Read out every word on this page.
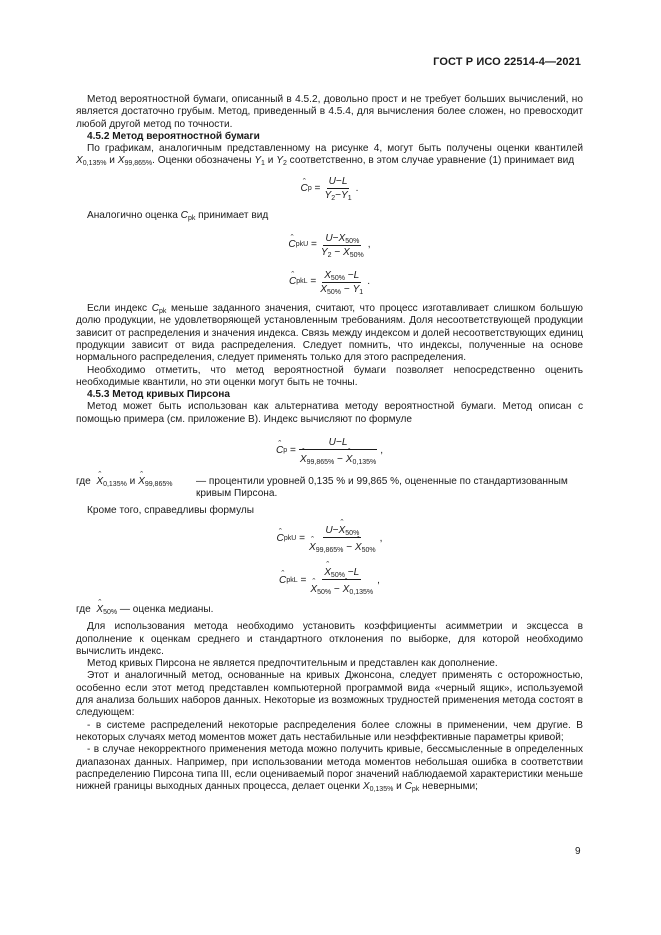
ГОСТ Р ИСО 22514-4—2021

Метод вероятностной бумаги, описанный в 4.5.2, довольно прост и не требует больших вычислений, но является достаточно грубым. Метод, приведенный в 4.5.4, для вычисления более сложен, но превосходит любой другой метод по точности.

4.5.2 Метод вероятностной бумаги

По графикам, аналогичным представленному на рисунке 4, могут быть получены оценки квантилей $X_{0,135\%}$ и $X_{99,865\%}$. Оценки обозначены $Y_1$ и $Y_2$ соответственно, в этом случае уравнение (1) принимает вид

ˆ C p
= $\frac{U-L}{Y_2-Y_1}$ .

Аналогично оценка $C_{pk}$ принимает вид

ˆ C pkU
= $\frac{U-X_{50\%}}{Y_2 - X_{50\%}}$ ,
ˆ C pkL
= $\frac{X_{50\%} -L}{X_{50\%} - Y_1}$ .

Если индекс $C_{pk}$ меньше заданного значения, считают, что процесс изготавливает слишком большую долю продукции, не удовлетворяющей установленным требованиям. Доля несоответствующей продукции зависит от распределения и значения индекса. Связь между индексом и долей несоответствующих единиц продукции зависит от вида распределения. Следует помнить, что индексы, полученные на основе нормального распределения, следует применять только для этого распределения.

Необходимо отметить, что метод вероятностной бумаги позволяет непосредственно оценить необходимые квантили, но эти оценки могут быть не точны.

4.5.3 Метод кривых Пирсона

Метод может быть использован как альтернатива методу вероятностной бумаги. Метод описан с помощью примера (см. приложение В). Индекс вычисляют по формуле

ˆ C p
= U−L
ˆ $X_{99,865\%}$ − ˆ $X_{0,135\%}$ ,
где ˆ $X_{0,135\%}$ и ˆ $X_{99,865\%}$	— процентили уровней 0,135 % и 99,865 %, оцененные по стандартизованным кривым Пирсона.

Кроме того, справедливы формулы

ˆ C pkU
= U−ˆ $X_{50\%}$
ˆ $X_{99,865\%}$ − ˆ $X_{50\%}$ ,
ˆ C pkL
= ˆ $X_{50\%} -L$
ˆ $X_{50\%}$ − ˆ $X_{0,135\%}$ ,
где ˆ $X_{50\%}$ — оценка медианы.

Для использования метода необходимо установить коэффициенты асимметрии и эксцесса в дополнение к оценкам среднего и стандартного отклонения по выборке, для которой необходимо вычислить индекс.

Метод кривых Пирсона не является предпочтительным и представлен как дополнение.

Этот и аналогичный метод, основанные на кривых Джонсона, следует применять с осторожностью, особенно если этот метод представлен компьютерной программой вида «черный ящик», используемой для анализа больших наборов данных. Некоторые из возможных трудностей применения метода состоят в следующем:

- в системе распределений некоторые распределения более сложны в применении, чем другие. В некоторых случаях метод моментов может дать нестабильные или неэффективные параметры кривой;

- в случае некорректного применения метода можно получить кривые, бессмысленные в определенных диапазонах данных. Например, при использовании метода моментов небольшая ошибка в соответствии распределению Пирсона типа III, если оцениваемый порог значений наблюдаемой характеристики меньше нижней границы выходных данных процесса, делает оценки $X_{0,135\%}$ и $C_{pk}$ неверными;

9
